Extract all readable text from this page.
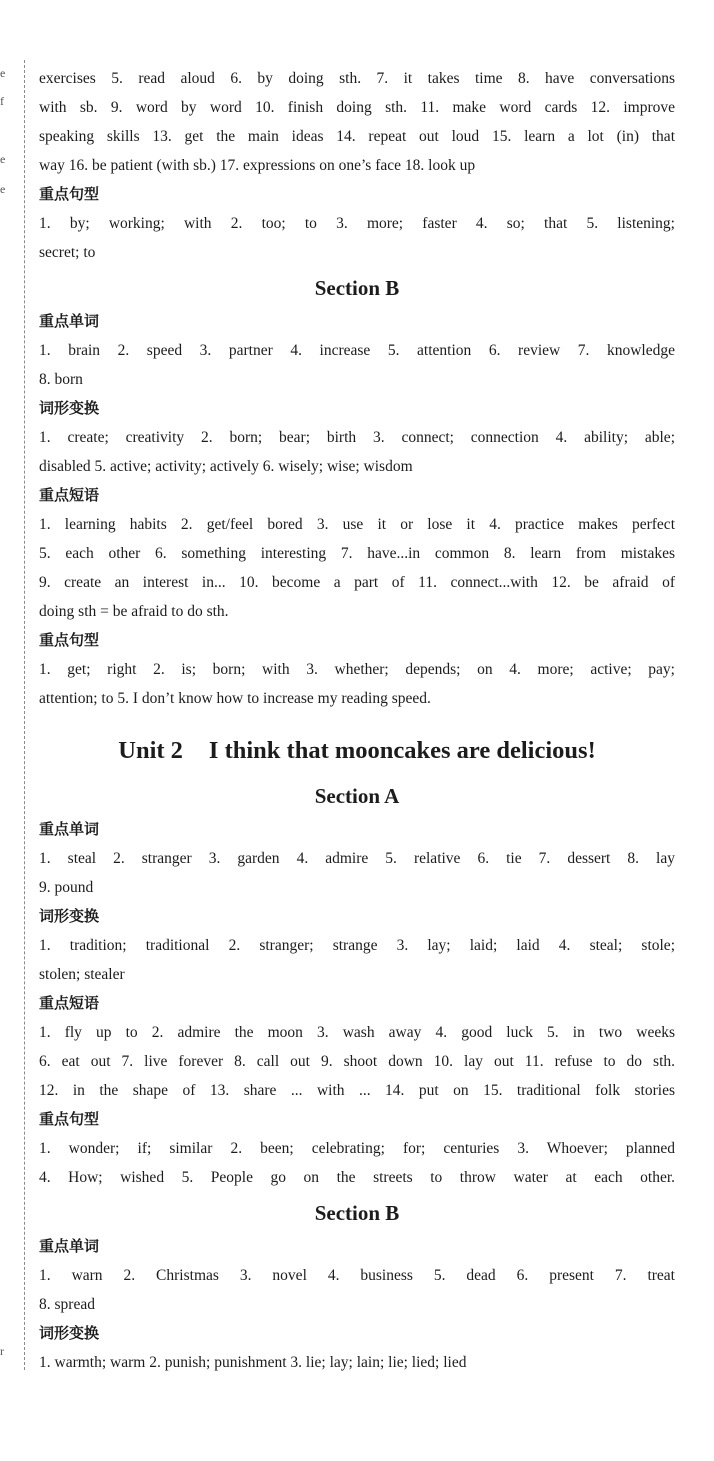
e
f
e
e
r
exercises 5. read aloud 6. by doing sth. 7. it takes time 8. have conversations
with sb. 9. word by word 10. finish doing sth. 11. make word cards 12. improve
speaking skills 13. get the main ideas 14. repeat out loud 15. learn a lot (in) that
way 16. be patient (with sb.) 17. expressions on one’s face 18. look up
重点句型
1. by; working; with 2. too; to 3. more; faster 4. so; that 5. listening;
secret; to
Section B
重点单词
1. brain 2. speed 3. partner 4. increase 5. attention 6. review 7. knowledge
8. born
词形变换
1. create; creativity 2. born; bear; birth 3. connect; connection 4. ability; able;
disabled 5. active; activity; actively 6. wisely; wise; wisdom
重点短语
1. learning habits 2. get/feel bored 3. use it or lose it 4. practice makes perfect
5. each other 6. something interesting 7. have...in common 8. learn from mistakes
9. create an interest in... 10. become a part of 11. connect...with 12. be afraid of
doing sth = be afraid to do sth.
重点句型
1. get; right 2. is; born; with 3. whether; depends; on 4. more; active; pay;
attention; to 5. I don’t know how to increase my reading speed.
Unit 2 I think that mooncakes are delicious!
Section A
重点单词
1. steal 2. stranger 3. garden 4. admire 5. relative 6. tie 7. dessert 8. lay
9. pound
词形变换
1. tradition; traditional 2. stranger; strange 3. lay; laid; laid 4. steal; stole;
stolen; stealer
重点短语
1. fly up to 2. admire the moon 3. wash away 4. good luck 5. in two weeks
6. eat out 7. live forever 8. call out 9. shoot down 10. lay out 11. refuse to do sth.
12. in the shape of 13. share ... with ... 14. put on 15. traditional folk stories
重点句型
1. wonder; if; similar 2. been; celebrating; for; centuries 3. Whoever; planned
4. How; wished 5. People go on the streets to throw water at each other.
Section B
重点单词
1. warn 2. Christmas 3. novel 4. business 5. dead 6. present 7. treat
8. spread
词形变换
1. warmth; warm 2. punish; punishment 3. lie; lay; lain; lie; lied; lied
